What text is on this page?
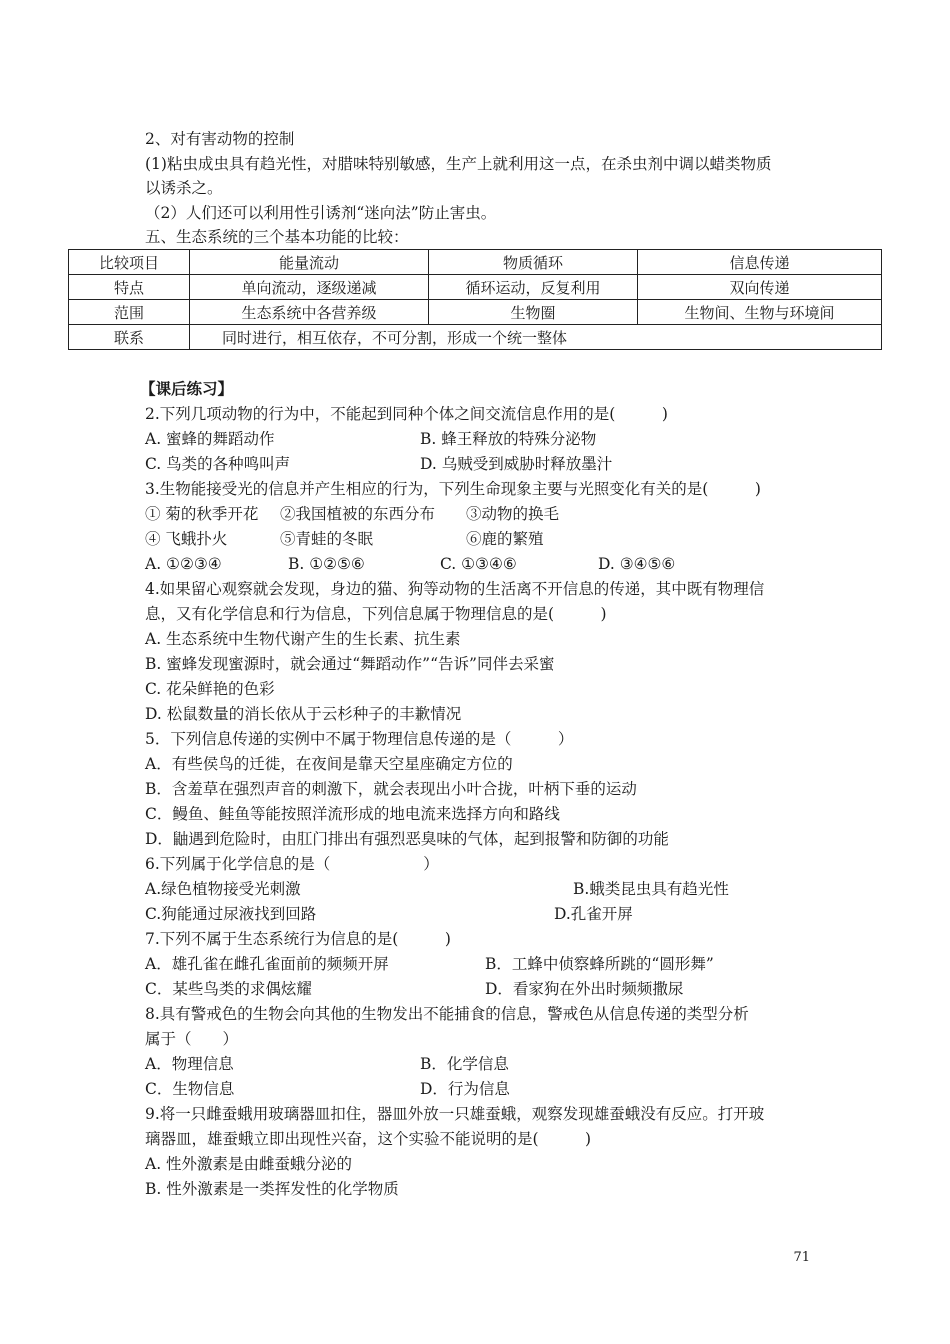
2、对有害动物的控制
(1)粘虫成虫具有趋光性，对腊味特别敏感，生产上就利用这一点，在杀虫剂中调以蜡类物质
以诱杀之。
（2）人们还可以利用性引诱剂“迷向法”防止害虫。
五、生态系统的三个基本功能的比较：
比较项目	能量流动	物质循环	信息传递
特点	单向流动，逐级递减	循环运动，反复利用	双向传递
范围	生态系统中各营养级	生物圈	生物间、生物与环境间
联系	同时进行，相互依存，不可分割，形成一个统一整体		
【课后练习】
2.下列几项动物的行为中，不能起到同种个体之间交流信息作用的是(　　　)
A. 蜜蜂的舞蹈动作	B. 蜂王释放的特殊分泌物
C. 鸟类的各种鸣叫声	D. 乌贼受到威胁时释放墨汁
3.生物能接受光的信息并产生相应的行为，下列生命现象主要与光照变化有关的是(　　　)
① 菊的秋季开花 ②我国植被的东西分布 ③动物的换毛
④ 飞蛾扑火	⑤青蛙的冬眠	⑥鹿的繁殖
A. ①②③④	B. ①②⑤⑥	C. ①③④⑥	D. ③④⑤⑥
4.如果留心观察就会发现，身边的猫、狗等动物的生活离不开信息的传递，其中既有物理信
息，又有化学信息和行为信息，下列信息属于物理信息的是(　　　)
A. 生态系统中生物代谢产生的生长素、抗生素
B. 蜜蜂发现蜜源时，就会通过“舞蹈动作”“告诉”同伴去采蜜
C. 花朵鲜艳的色彩
D. 松鼠数量的消长依从于云杉种子的丰歉情况
5．下列信息传递的实例中不属于物理信息传递的是（　　　）
A．有些侯鸟的迁徙，在夜间是靠天空星座确定方位的
B．含羞草在强烈声音的刺激下，就会表现出小叶合拢，叶柄下垂的运动
C．鳗鱼、鲑鱼等能按照洋流形成的地电流来选择方向和路线
D．鼬遇到危险时，由肛门排出有强烈恶臭味的气体，起到报警和防御的功能
6.下列属于化学信息的是（　　　　　　）
A.绿色植物接受光刺激	B.蛾类昆虫具有趋光性
C.狗能通过尿液找到回路	D.孔雀开屏
7.下列不属于生态系统行为信息的是(　　　)
A．雄孔雀在雌孔雀面前的频频开屏	B．工蜂中侦察蜂所跳的“圆形舞”
C．某些鸟类的求偶炫耀	D．看家狗在外出时频频撒尿
8.具有警戒色的生物会向其他的生物发出不能捕食的信息，警戒色从信息传递的类型分析
属于（　　）
A．物理信息	B．化学信息
C．生物信息	D．行为信息
9.将一只雌蚕蛾用玻璃器皿扣住，器皿外放一只雄蚕蛾，观察发现雄蚕蛾没有反应。打开玻
璃器皿，雄蚕蛾立即出现性兴奋，这个实验不能说明的是(　　　)
A. 性外激素是由雌蚕蛾分泌的
B. 性外激素是一类挥发性的化学物质
71
